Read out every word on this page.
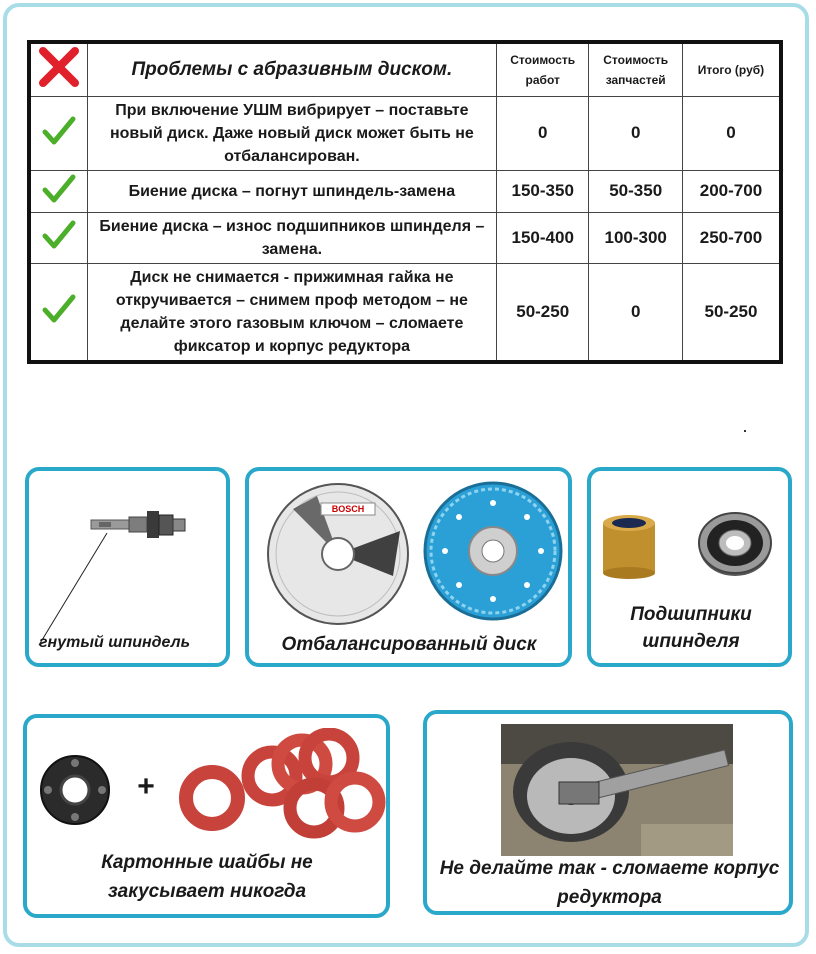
	Проблемы с абразивным диском.	Стоимость работ	Стоимость запчастей	Итого (руб)
	При включение УШМ вибрирует – поставьте новый диск. Даже новый диск может быть не отбалансирован.	0	0	0
	Биение диска – погнут шпиндель-замена	150-350	50-350	200-700
	Биение диска – износ подшипников шпинделя – замена.	150-400	100-300	250-700
	Диск не снимается - прижимная гайка не откручивается – снимем проф методом – не делайте этого газовым ключом – сломаете фиксатор и корпус редуктора	50-250	0	50-250
гнутый шпиндель
BOSCH
Отбалансированный диск
Подшипники шпинделя
+
Картонные шайбы не закусывает никогда
Не делайте так - сломаете корпус редуктора
